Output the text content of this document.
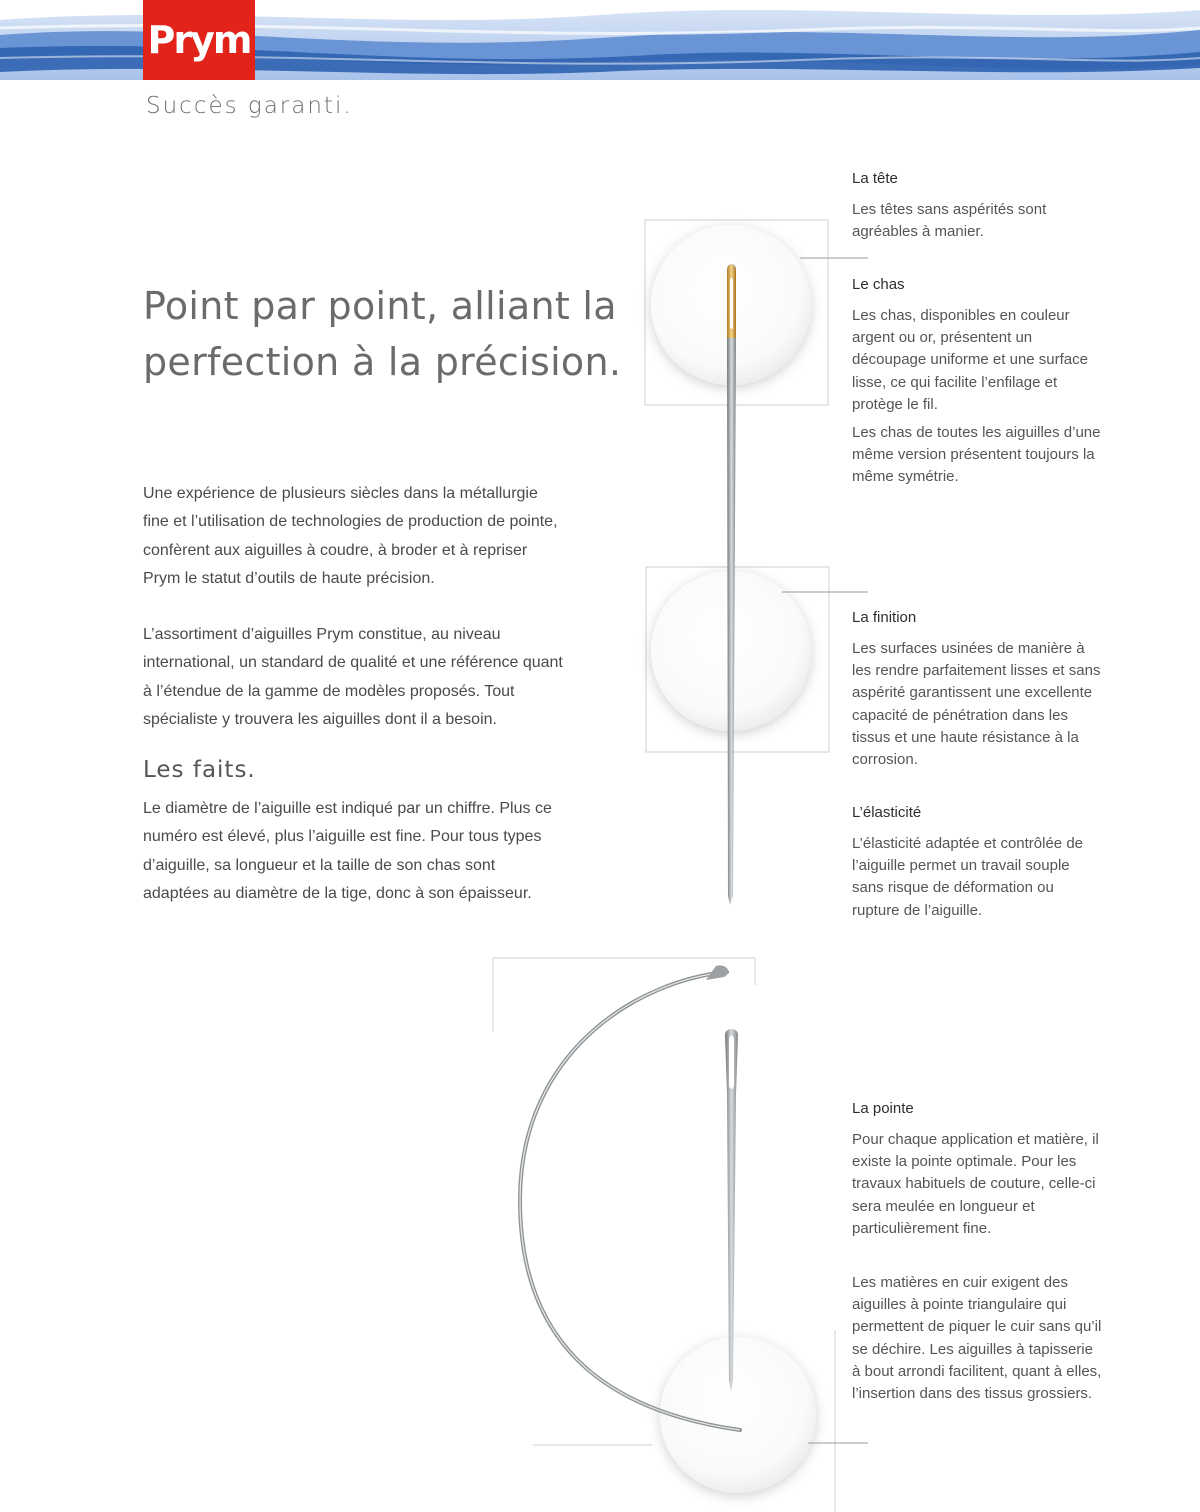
Prym
Succès garanti.
Point par point, alliant la perfection à la précision.

Une expérience de plusieurs siècles dans la métallurgie fine et l’utilisation de technologies de production de pointe, confèrent aux aiguilles à coudre, à broder et à repriser Prym le statut d’outils de haute précision.

L’assortiment d’aiguilles Prym constitue, au niveau international, un standard de qualité et une référence quant à l’étendue de la gamme de modèles proposés. Tout spécialiste y trouvera les aiguilles dont il a besoin.

Les faits.

Le diamètre de l’aiguille est indiqué par un chiffre. Plus ce numéro est élevé, plus l’aiguille est fine. Pour tous types d’aiguille, sa longueur et la taille de son chas sont adaptées au diamètre de la tige, donc à son épaisseur.

La tête

Les têtes sans aspérités sont agréables à manier.

Le chas

Les chas, disponibles en couleur argent ou or, présentent un découpage uniforme et une surface lisse, ce qui facilite l’enfilage et protège le fil.

Les chas de toutes les aiguilles d’une même version présentent toujours la même symétrie.

La finition

Les surfaces usinées de manière à les rendre parfaitement lisses et sans aspérité garantissent une excellente capacité de pénétration dans les tissus et une haute résistance à la corrosion.

L’élasticité

L’élasticité adaptée et contrôlée de l’aiguille permet un travail souple sans risque de déformation ou rupture de l’aiguille.

La pointe

Pour chaque application et matière, il existe la pointe optimale. Pour les travaux habituels de couture, celle-ci sera meulée en longueur et particulièrement fine.

Les matières en cuir exigent des aiguilles à pointe triangulaire qui permettent de piquer le cuir sans qu’il se déchire. Les aiguilles à tapisserie à bout arrondi facilitent, quant à elles, l’insertion dans des tissus grossiers.
